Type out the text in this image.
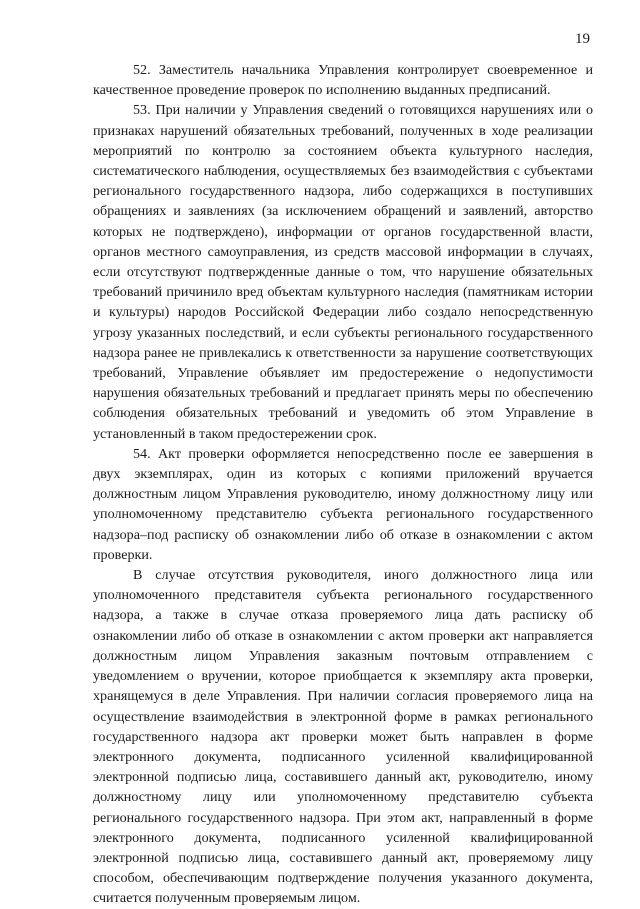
19

52. Заместитель начальника Управления контролирует своевременное и качественное проведение проверок по исполнению выданных предписаний.

53. При наличии у Управления сведений о готовящихся нарушениях или о признаках нарушений обязательных требований, полученных в ходе реализации мероприятий по контролю за состоянием объекта культурного наследия, систематического наблюдения, осуществляемых без взаимодействия с субъектами регионального государственного надзора, либо содержащихся в поступивших обращениях и заявлениях (за исключением обращений и заявлений, авторство которых не подтверждено), информации от органов государственной власти, органов местного самоуправления, из средств массовой информации в случаях, если отсутствуют подтвержденные данные о том, что нарушение обязательных требований причинило вред объектам культурного наследия (памятникам истории и культуры) народов Российской Федерации либо создало непосредственную угрозу указанных последствий, и если субъекты регионального государственного надзора ранее не привлекались к ответственности за нарушение соответствующих требований, Управление объявляет им предостережение о недопустимости нарушения обязательных требований и предлагает принять меры по обеспечению соблюдения обязательных требований и уведомить об этом Управление в установленный в таком предостережении срок.

54. Акт проверки оформляется непосредственно после ее завершения в двух экземплярах, один из которых с копиями приложений вручается должностным лицом Управления руководителю, иному должностному лицу или уполномоченному представителю субъекта регионального государственного надзора–под расписку об ознакомлении либо об отказе в ознакомлении с актом проверки.

В случае отсутствия руководителя, иного должностного лица или уполномоченного представителя субъекта регионального государственного надзора, а также в случае отказа проверяемого лица дать расписку об ознакомлении либо об отказе в ознакомлении с актом проверки акт направляется должностным лицом Управления заказным почтовым отправлением с уведомлением о вручении, которое приобщается к экземпляру акта проверки, хранящемуся в деле Управления. При наличии согласия проверяемого лица на осуществление взаимодействия в электронной форме в рамках регионального государственного надзора акт проверки может быть направлен в форме электронного документа, подписанного усиленной квалифицированной электронной подписью лица, составившего данный акт, руководителю, иному должностному лицу или уполномоченному представителю субъекта регионального государственного надзора. При этом акт, направленный в форме электронного документа, подписанного усиленной квалифицированной электронной подписью лица, составившего данный акт, проверяемому лицу способом, обеспечивающим подтверждение получения указанного документа, считается полученным проверяемым лицом.
